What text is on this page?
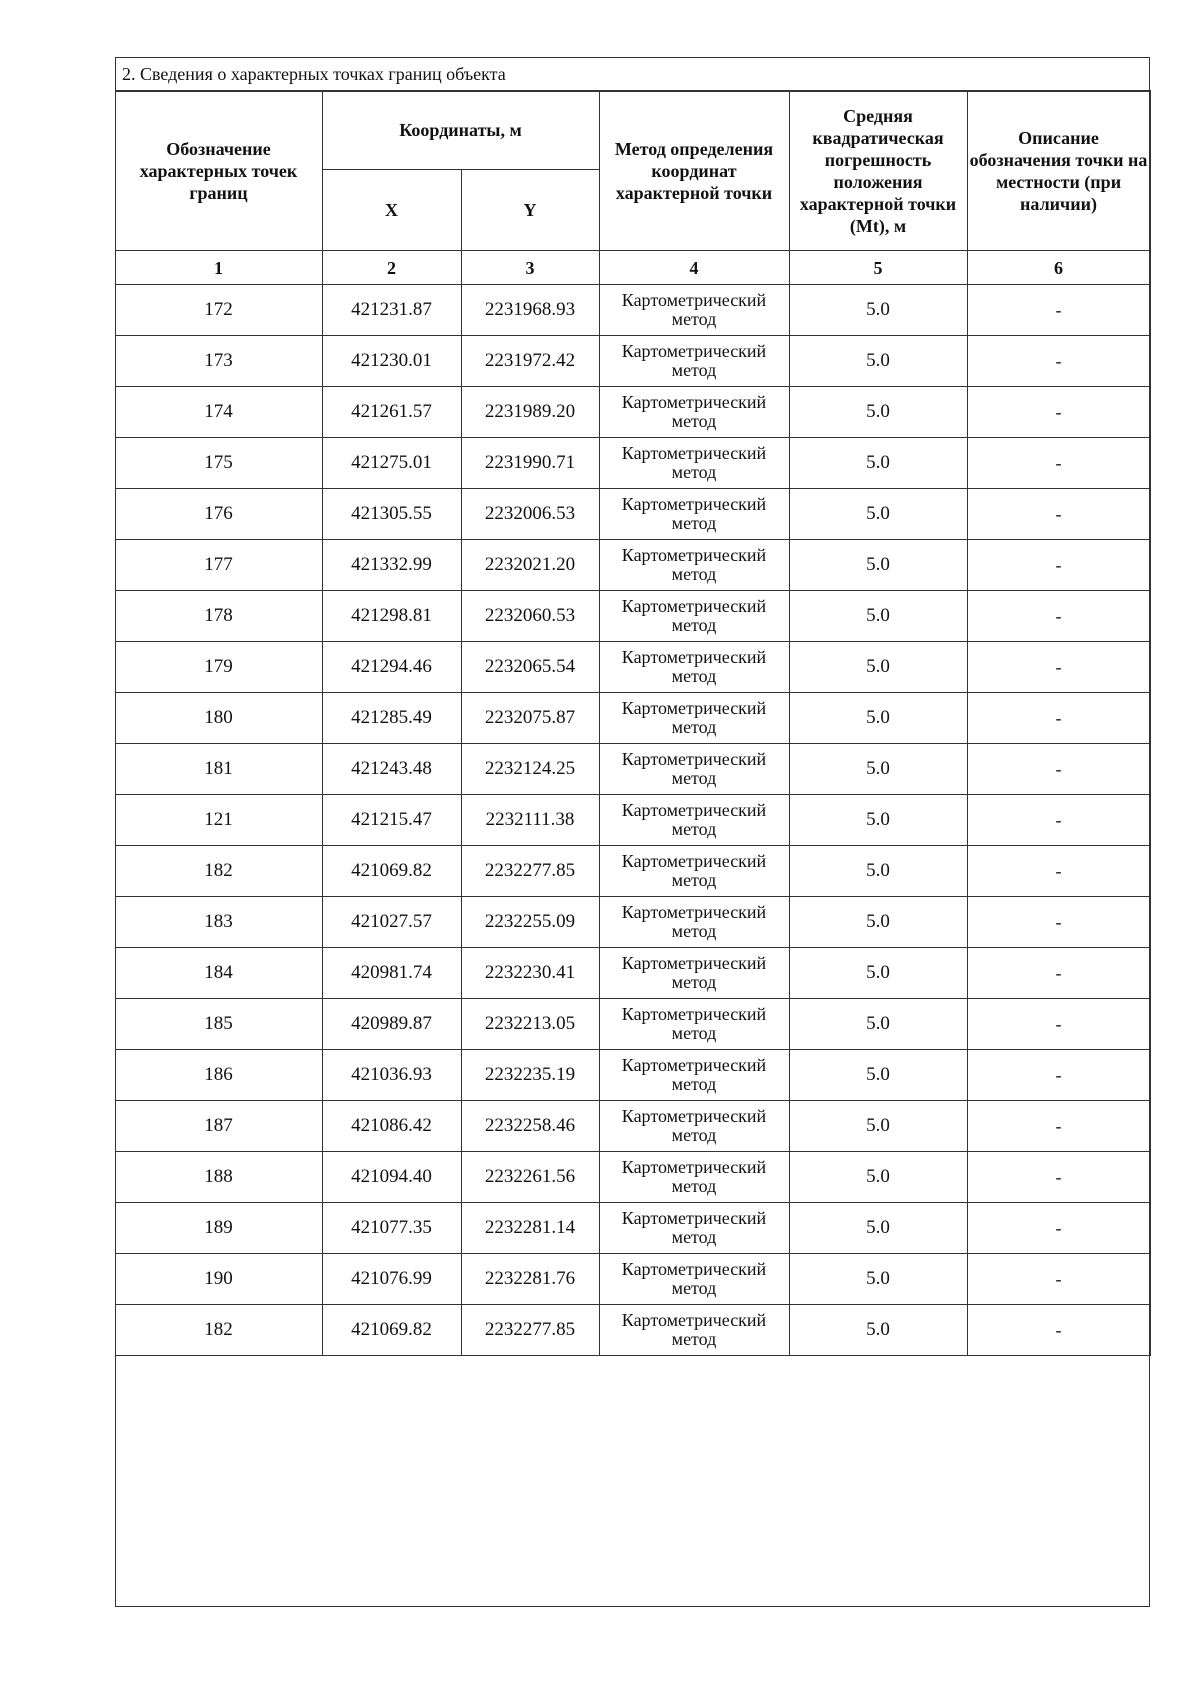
2. Сведения о характерных точках границ объекта
Обозначение характерных точек границ	Координаты, м		Метод определения координат характерной точки	Средняя квадратическая погрешность положения характерной точки (Mt), м	Описание обозначения точки на местности (при наличии)
	X	Y			
1	2	3	4	5	6
172	421231.87	2231968.93	Картометрический метод	5.0	-
173	421230.01	2231972.42	Картометрический метод	5.0	-
174	421261.57	2231989.20	Картометрический метод	5.0	-
175	421275.01	2231990.71	Картометрический метод	5.0	-
176	421305.55	2232006.53	Картометрический метод	5.0	-
177	421332.99	2232021.20	Картометрический метод	5.0	-
178	421298.81	2232060.53	Картометрический метод	5.0	-
179	421294.46	2232065.54	Картометрический метод	5.0	-
180	421285.49	2232075.87	Картометрический метод	5.0	-
181	421243.48	2232124.25	Картометрический метод	5.0	-
121	421215.47	2232111.38	Картометрический метод	5.0	-
182	421069.82	2232277.85	Картометрический метод	5.0	-
183	421027.57	2232255.09	Картометрический метод	5.0	-
184	420981.74	2232230.41	Картометрический метод	5.0	-
185	420989.87	2232213.05	Картометрический метод	5.0	-
186	421036.93	2232235.19	Картометрический метод	5.0	-
187	421086.42	2232258.46	Картометрический метод	5.0	-
188	421094.40	2232261.56	Картометрический метод	5.0	-
189	421077.35	2232281.14	Картометрический метод	5.0	-
190	421076.99	2232281.76	Картометрический метод	5.0	-
182	421069.82	2232277.85	Картометрический метод	5.0	-
